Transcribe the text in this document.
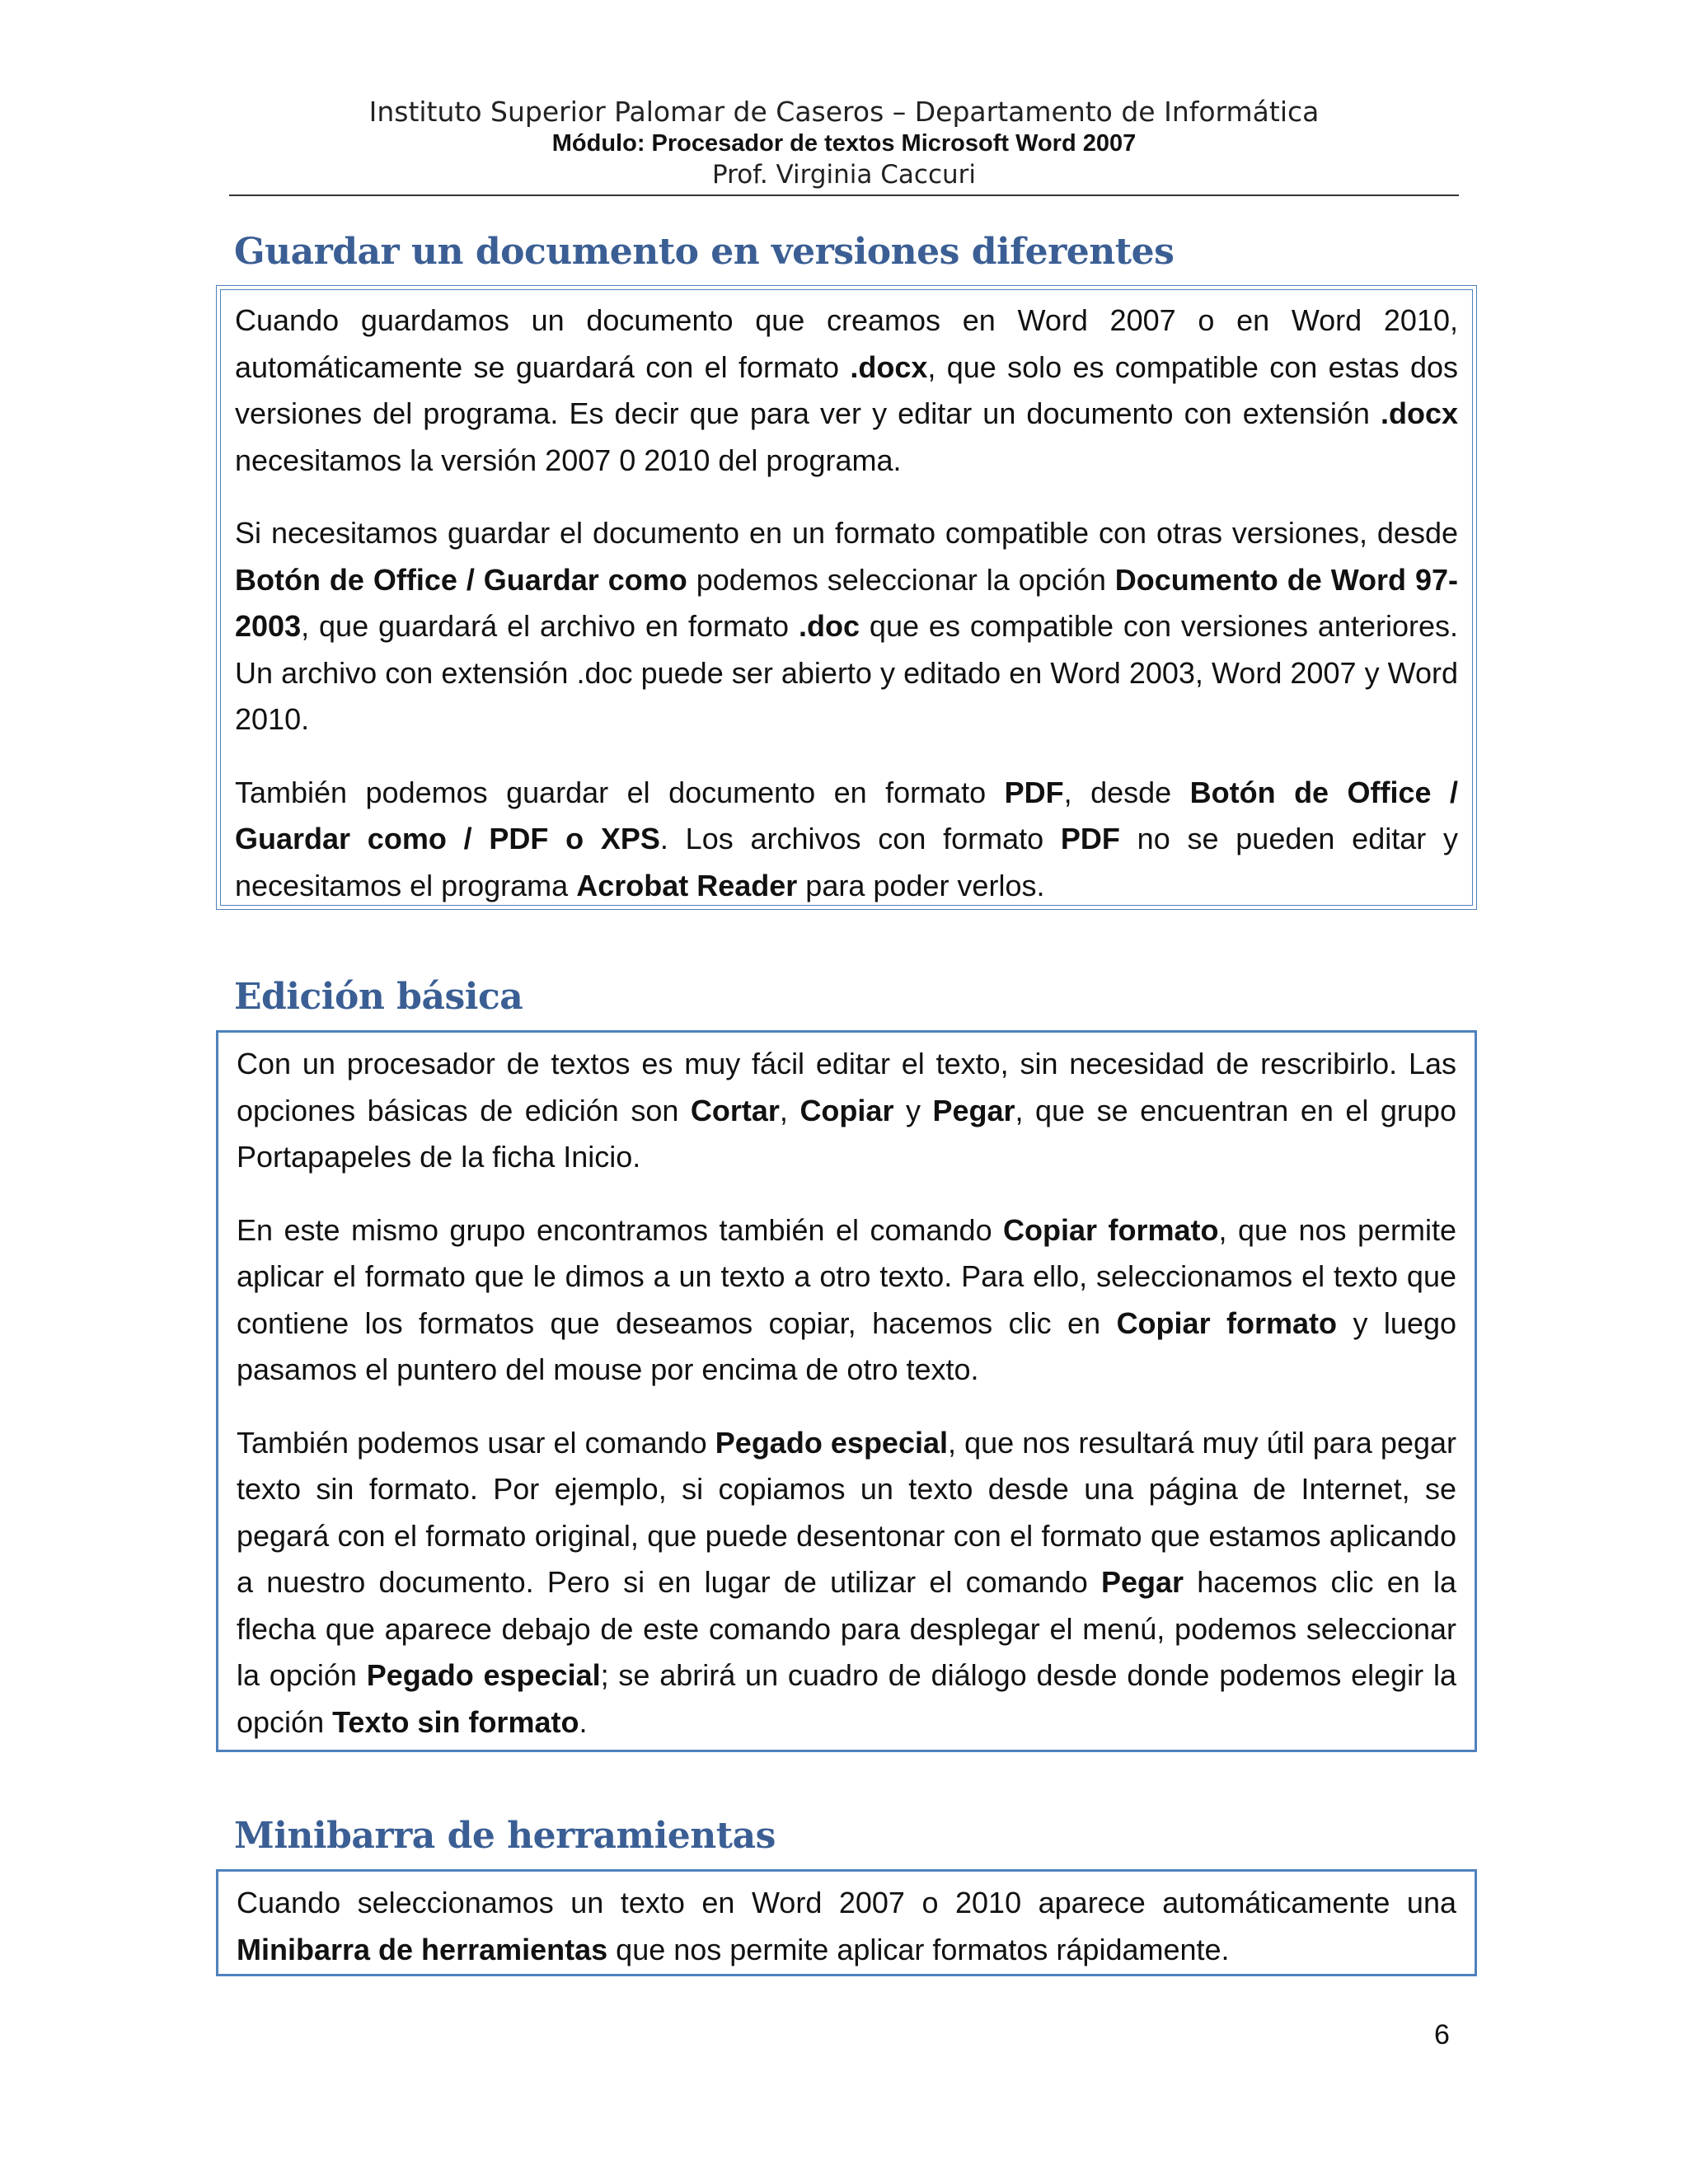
Instituto Superior Palomar de Caseros – Departamento de Informática
Módulo: Procesador de textos Microsoft Word 2007
Prof. Virginia Caccuri
Guardar un documento en versiones diferentes

Cuando guardamos un documento que creamos en Word 2007 o en Word 2010, automáticamente se guardará con el formato .docx, que solo es compatible con estas dos versiones del programa. Es decir que para ver y editar un documento con extensión .docx necesitamos la versión 2007 0 2010 del programa.

Si necesitamos guardar el documento en un formato compatible con otras versiones, desde Botón de Office / Guardar como podemos seleccionar la opción Documento de Word 97-2003, que guardará el archivo en formato .doc que es compatible con versiones anteriores. Un archivo con extensión .doc puede ser abierto y editado en Word 2003, Word 2007 y Word 2010.

También podemos guardar el documento en formato PDF, desde Botón de Office / Guardar como / PDF o XPS. Los archivos con formato PDF no se pueden editar y necesitamos el programa Acrobat Reader para poder verlos.

Edición básica

Con un procesador de textos es muy fácil editar el texto, sin necesidad de rescribirlo. Las opciones básicas de edición son Cortar, Copiar y Pegar, que se encuentran en el grupo Portapapeles de la ficha Inicio.

En este mismo grupo encontramos también el comando Copiar formato, que nos permite aplicar el formato que le dimos a un texto a otro texto. Para ello, seleccionamos el texto que contiene los formatos que deseamos copiar, hacemos clic en Copiar formato y luego pasamos el puntero del mouse por encima de otro texto.

También podemos usar el comando Pegado especial, que nos resultará muy útil para pegar texto sin formato. Por ejemplo, si copiamos un texto desde una página de Internet, se pegará con el formato original, que puede desentonar con el formato que estamos aplicando a nuestro documento. Pero si en lugar de utilizar el comando Pegar hacemos clic en la flecha que aparece debajo de este comando para desplegar el menú, podemos seleccionar la opción Pegado especial; se abrirá un cuadro de diálogo desde donde podemos elegir la opción Texto sin formato.

Minibarra de herramientas

Cuando seleccionamos un texto en Word 2007 o 2010 aparece automáticamente una Minibarra de herramientas que nos permite aplicar formatos rápidamente.

6
